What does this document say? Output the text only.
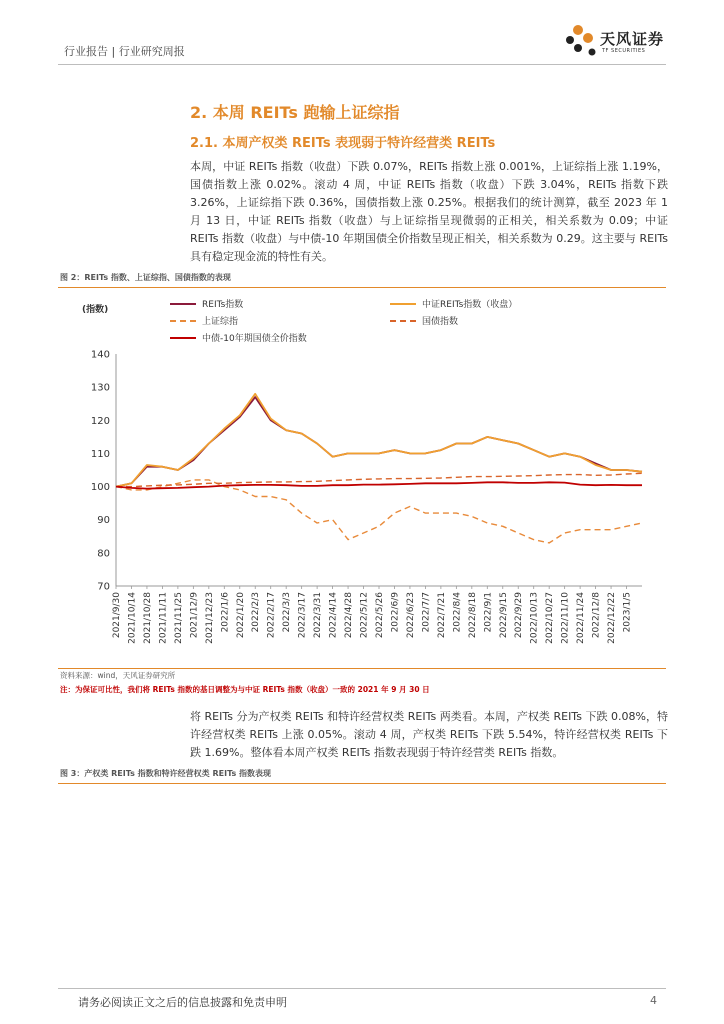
行业报告 | 行业研究周报
天风证券
TF SECURITIES
2. 本周 REITs 跑输上证综指
2.1. 本周产权类 REITs 表现弱于特许经营类 REITs
本周，中证 REITs 指数（收盘）下跌 0.07%，REITs 指数上涨 0.001%，上证综指上涨 1.19%，国债指数上涨 0.02%。滚动 4 周，中证 REITs 指数（收盘）下跌 3.04%，REITs 指数下跌 3.26%，上证综指下跌 0.36%，国债指数上涨 0.25%。根据我们的统计测算，截至 2023 年 1 月 13 日，中证 REITs 指数（收盘）与上证综指呈现微弱的正相关，相关系数为 0.09；中证 REITs 指数（收盘）与中债-10 年期国债全价指数呈现正相关，相关系数为 0.29。这主要与 REITs 具有稳定现金流的特性有关。
图 2：REITs 指数、上证综指、国债指数的表现
REITs指数	中证REITs指数（收盘）
上证综指	国债指数
中债-10年期国债全价指数
(指数)
70
80
90
100
110
120
130
140
2021/9/30 2021/10/14 2021/10/28 2021/11/11 2021/11/25 2021/12/9 2021/12/23 2022/1/6 2022/1/20 2022/2/3 2022/2/17 2022/3/3 2022/3/17 2022/3/31 2022/4/14 2022/4/28 2022/5/12 2022/5/26 2022/6/9 2022/6/23 2022/7/7 2022/7/21 2022/8/4 2022/8/18 2022/9/1 2022/9/15 2022/9/29 2022/10/13 2022/10/27 2022/11/10 2022/11/24 2022/12/8 2022/12/22 2023/1/5
资料来源：wind，天风证券研究所
注：为保证可比性，我们将 REITs 指数的基日调整为与中证 REITs 指数（收盘）一致的 2021 年 9 月 30 日
将 REITs 分为产权类 REITs 和特许经营权类 REITs 两类看。本周，产权类 REITs 下跌 0.08%，特许经营权类 REITs 上涨 0.05%。滚动 4 周，产权类 REITs 下跌 5.54%，特许经营权类 REITs 下跌 1.69%。整体看本周产权类 REITs 指数表现弱于特许经营类 REITs 指数。
图 3：产权类 REITs 指数和特许经营权类 REITs 指数表现
请务必阅读正文之后的信息披露和免责申明	4
